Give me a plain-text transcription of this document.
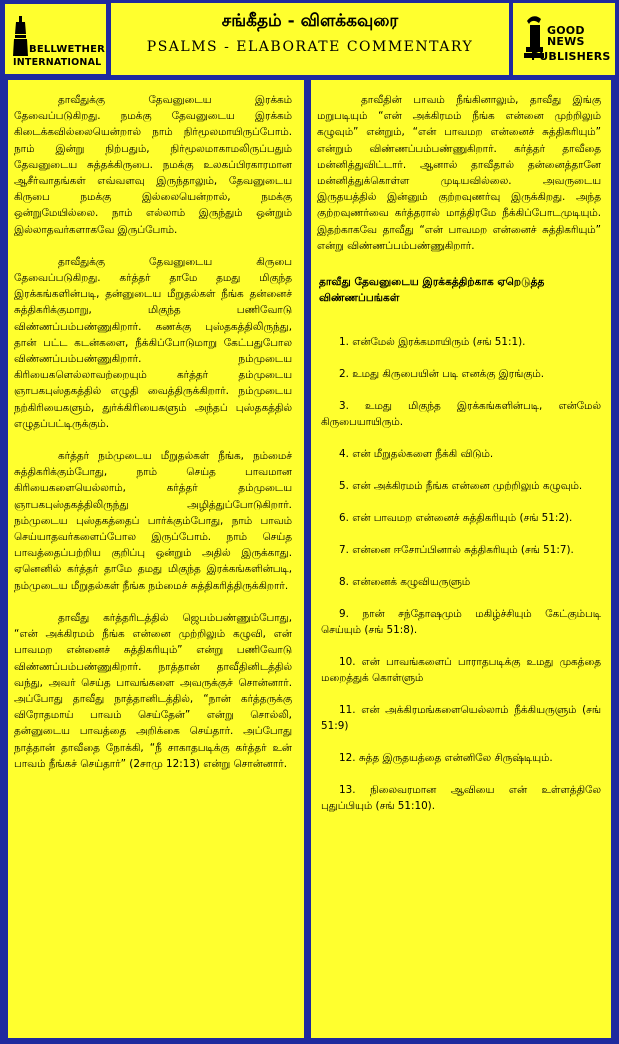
BELLWETHER
INTERNATIONAL
சங்கீதம் - விளக்கவுரை
PSALMS - ELABORATE COMMENTARY
GOOD NEWS
PUBLISHERS

தாவீதுக்கு தேவனுடைய இரக்கம் தேவைப்படுகிறது. நமக்கு தேவனுடைய இரக்கம் கிடைக்கவில்லையென்றால் நாம் நிர்மூலமாயிருப்போம். நாம் இன்று நிற்பதும், நிர்மூலமாகாமலிருப்பதும் தேவனுடைய சுத்தக்கிருபை. நமக்கு உலகப்பிரகாரமான ஆசீர்வாதங்கள் எவ்வளவு இருந்தாலும், தேவனுடைய கிருபை நமக்கு இல்லையென்றால், நமக்கு ஒன்றுமேயில்லை. நாம் எல்லாம் இருந்தும் ஒன்றும் இல்லாதவர்களாகவே இருப்போம்.

தாவீதுக்கு தேவனுடைய கிருபை தேவைப்படுகிறது. கர்த்தர் தாமே தமது மிகுந்த இரக்கங்களின்படி, தன்னுடைய மீறுதல்கள் நீங்க தன்னைச் சுத்திகரிக்குமாறு, மிகுந்த பணிவோடு விண்ணப்பம்பண்ணுகிறார். கணக்கு புஸ்தகத்திலிருந்து, தான் பட்ட கடன்களை, நீக்கிப்போடுமாறு கேட்பதுபோல விண்ணப்பம்பண்ணுகிறார். நம்முடைய கிரியைகளெல்லாவற்றையும் கர்த்தர் தம்முடைய ஞாபகபுஸ்தகத்தில் எழுதி வைத்திருக்கிறார். நம்முடைய நற்கிரியைகளும், துர்க்கிரியைகளும் அந்தப் புஸ்தகத்தில் எழுதப்பட்டிருக்கும்.

கர்த்தர் நம்முடைய மீறுதல்கள் நீங்க, நம்மைச் சுத்திகரிக்கும்போது, நாம் செய்த பாவமான கிரியைகளையெல்லாம், கர்த்தர் தம்முடைய ஞாபகபுஸ்தகத்திலிருந்து அழித்துப்போடுகிறார். நம்முடைய புஸ்தகத்தைப் பார்க்கும்போது, நாம் பாவம் செய்யாதவர்களைப்போல இருப்போம். நாம் செய்த பாவத்தைப்பற்றிய குறிப்பு ஒன்றும் அதில் இருக்காது. ஏனெனில் கர்த்தர் தாமே தமது மிகுந்த இரக்கங்களின்படி, நம்முடைய மீறுதல்கள் நீங்க நம்மைச் சுத்திகரித்திருக்கிறார்.

தாவீது கர்த்தரிடத்தில் ஜெபம்பண்ணும்போது, “என் அக்கிரமம் நீங்க என்னை முற்றிலும் கழுவி, என் பாவமற என்னைச் சுத்திகரியும்” என்று பணிவோடு விண்ணப்பம்பண்ணுகிறார். நாத்தான் தாவீதினிடத்தில் வந்து, அவர் செய்த பாவங்களை அவருக்குச் சொன்னார். அப்போது தாவீது நாத்தானிடத்தில், “நான் கர்த்தருக்கு விரோதமாய் பாவம் செய்தேன்” என்று சொல்லி, தன்னுடைய பாவத்தை அறிக்கை செய்தார். அப்போது நாத்தான் தாவீதை நோக்கி, “நீ சாகாதபடிக்கு கர்த்தர் உன் பாவம் நீங்கச் செய்தார்” (2சாமு 12:13) என்று சொன்னார்.

தாவீதின் பாவம் நீங்கினாலும், தாவீது இங்கு மறுபடியும் “என் அக்கிரமம் நீங்க என்னை முற்றிலும் கழுவும்” என்றும், “என் பாவமற என்னைச் சுத்திகரியும்” என்றும் விண்ணப்பம்பண்ணுகிறார். கர்த்தர் தாவீதை மன்னித்துவிட்டார். ஆனால் தாவீதால் தன்னைத்தானே மன்னித்துக்கொள்ள முடியவில்லை. அவருடைய இருதயத்தில் இன்னும் குற்றவுணர்வு இருக்கிறது. அந்த குற்றவுணர்வை கர்த்தரால் மாத்திரமே நீக்கிப்போடமுடியும். இதற்காகவே தாவீது “என் பாவமற என்னைச் சுத்திகரியும்” என்று விண்ணப்பம்பண்ணுகிறார்.

தாவீது தேவனுடைய இரக்கத்திற்காக ஏறெடுத்த விண்ணப்பங்கள்
1. என்மேல் இரக்கமாயிரும் (சங் 51:1).
2. உமது கிருபையின் படி எனக்கு இரங்கும்.
3. உமது மிகுந்த இரக்கங்களின்படி, என்மேல் கிருபையாயிரும்.
4. என் மீறுதல்களை நீக்கி விடும்.
5. என் அக்கிரமம் நீங்க என்னை முற்றிலும் கழுவும்.
6. என் பாவமற என்னைச் சுத்திகரியும் (சங் 51:2).
7. என்னை ஈசோப்பினால் சுத்திகரியும் (சங் 51:7).
8. என்னைக் கழுவியருளும்
9. நான் சந்தோஷமும் மகிழ்ச்சியும் கேட்கும்படி செய்யும் (சங் 51:8).
10. என் பாவங்களைப் பாராதபடிக்கு உமது முகத்தை மறைத்துக் கொள்ளும்
11. என் அக்கிரமங்களையெல்லாம் நீக்கியருளும் (சங் 51:9)
12. சுத்த இருதயத்தை என்னிலே சிருஷ்டியும்.
13. நிலைவரமான ஆவியை என் உள்ளத்திலே புதுப்பியும் (சங் 51:10).
